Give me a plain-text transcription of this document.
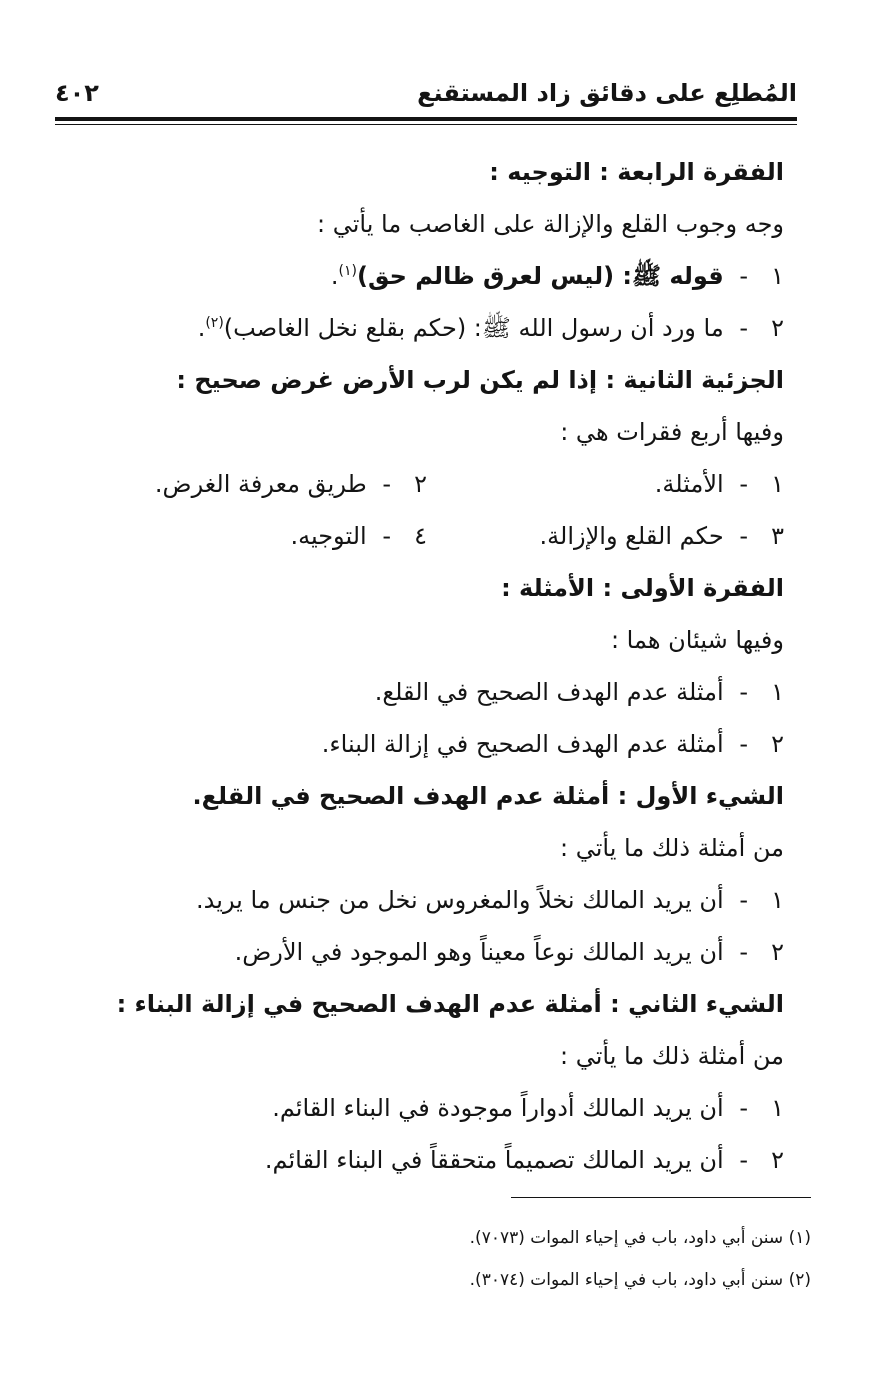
المُطلِع على دقائق زاد المستقنع
٤٠٢
الفقرة الرابعة : التوجيه :
وجه وجوب القلع والإزالة على الغاصب ما يأتي :
١- قوله ﷺ: (ليس لعرق ظالم حق)$^{(١)}$.
٢- ما ورد أن رسول الله ﷺ: (حكم بقلع نخل الغاصب)$^{(٢)}$.
الجزئية الثانية : إذا لم يكن لرب الأرض غرض صحيح :
وفيها أربع فقرات هي :
١- الأمثلة.
٢- طريق معرفة الغرض.
٣- حكم القلع والإزالة.
٤- التوجيه.
الفقرة الأولى : الأمثلة :
وفيها شيئان هما :
١- أمثلة عدم الهدف الصحيح في القلع.
٢- أمثلة عدم الهدف الصحيح في إزالة البناء.
الشيء الأول : أمثلة عدم الهدف الصحيح في القلع.
من أمثلة ذلك ما يأتي :
١- أن يريد المالك نخلاً والمغروس نخل من جنس ما يريد.
٢- أن يريد المالك نوعاً معيناً وهو الموجود في الأرض.
الشيء الثاني : أمثلة عدم الهدف الصحيح في إزالة البناء :
من أمثلة ذلك ما يأتي :
١- أن يريد المالك أدواراً موجودة في البناء القائم.
٢- أن يريد المالك تصميماً متحققاً في البناء القائم.
(١) سنن أبي داود، باب في إحياء الموات (٧٠٧٣).
(٢) سنن أبي داود، باب في إحياء الموات (٣٠٧٤).
